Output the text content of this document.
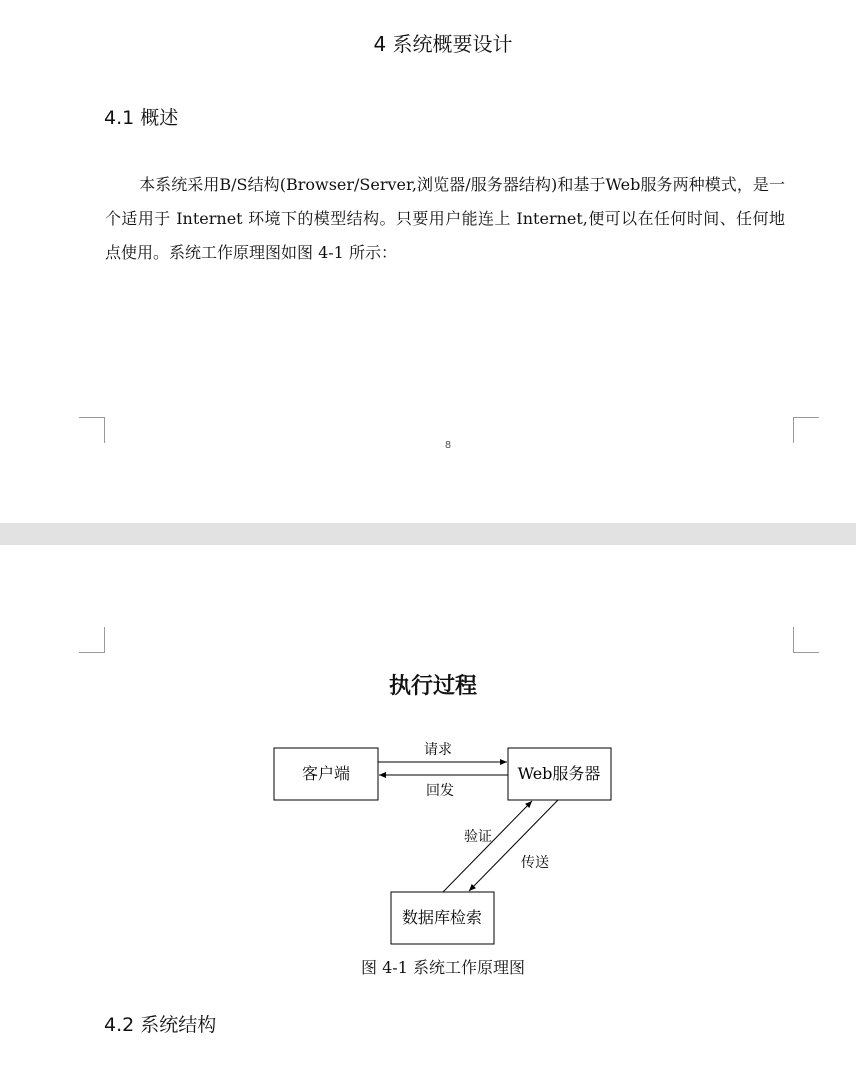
4 系统概要设计
4.1 概述
本系统采用B/S结构(Browser/Server,浏览器/服务器结构)和基于Web服务两种模式，是一个适用于 Internet 环境下的模型结构。只要用户能连上 Internet,便可以在任何时间、任何地点使用。系统工作原理图如图 4-1 所示：
8
执行过程
客户端	Web服务器
数据库检索
请求
回发
验证
传送
图 4-1 系统工作原理图
4.2 系统结构
